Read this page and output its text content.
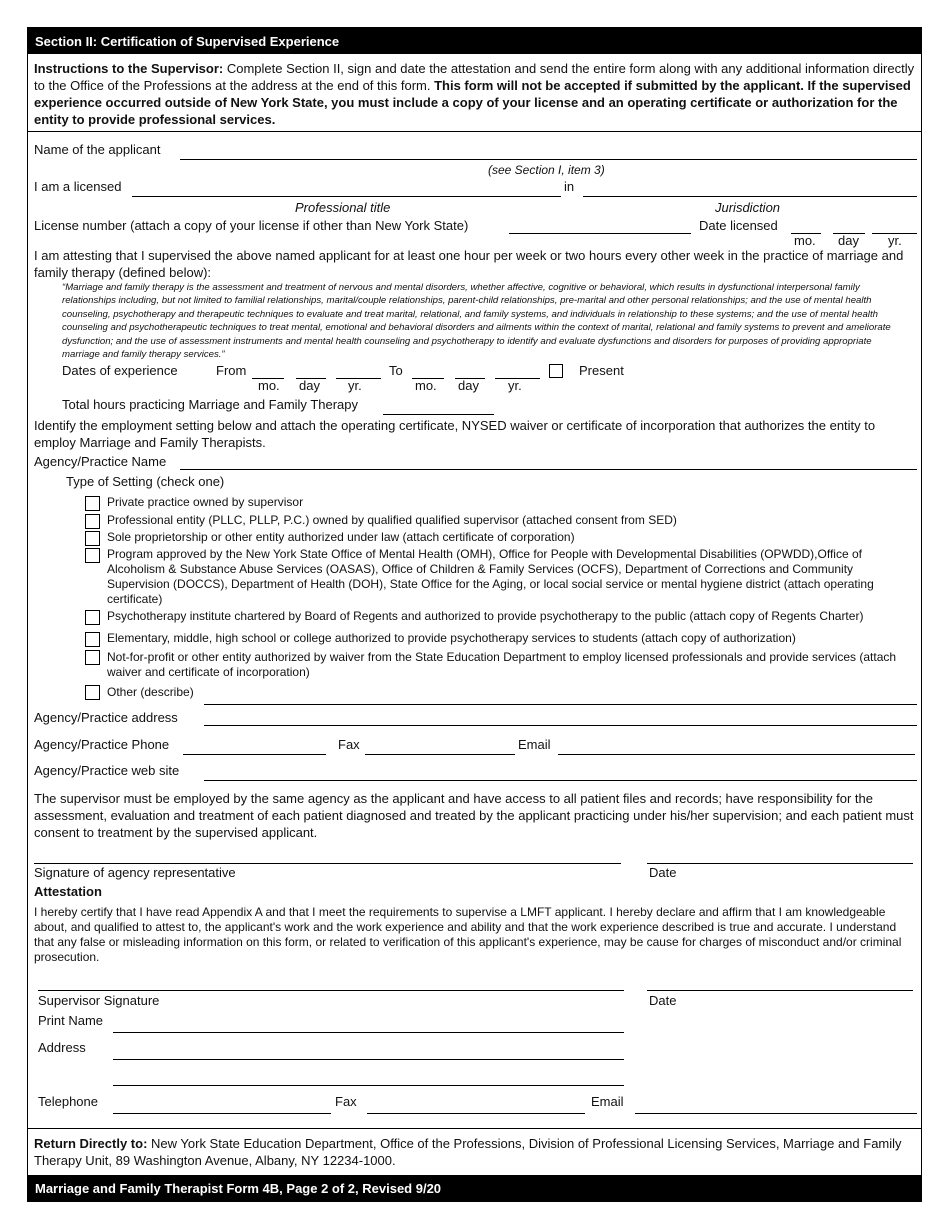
Section II: Certification of Supervised Experience
Instructions to the Supervisor: Complete Section II, sign and date the attestation and send the entire form along with any additional information directly to the Office of the Professions at the address at the end of this form. This form will not be accepted if submitted by the applicant. If the supervised experience occurred outside of New York State, you must include a copy of your license and an operating certificate or authorization for the entity to provide professional services.
Name of the applicant
(see Section I, item 3)
I am a licensed	in
Professional title	Jurisdiction
License number (attach a copy of your license if other than New York State)	Date licensed
mo. day yr.
I am attesting that I supervised the above named applicant for at least one hour per week or two hours every other week in the practice of marriage and family therapy (defined below):
“Marriage and family therapy is the assessment and treatment of nervous and mental disorders, whether affective, cognitive or behavioral, which results in dysfunctional interpersonal family relationships including, but not limited to familial relationships, marital/couple relationships, parent-child relationships, pre-marital and other personal relationships; and the use of mental health counseling, psychotherapy and therapeutic techniques to evaluate and treat marital, relational, and family systems, and individuals in relationship to these systems; and the use of mental health counseling and psychotherapeutic techniques to treat mental, emotional and behavioral disorders and ailments within the context of marital, relational and family systems to prevent and ameliorate dysfunction; and the use of assessment instruments and mental health counseling and psychotherapy to identify and evaluate dysfunctions and disorders for purposes of providing appropriate marriage and family therapy services.”
Dates of experience	From
mo. day yr.
To
mo. day yr.
Present
Total hours practicing Marriage and Family Therapy
Identify the employment setting below and attach the operating certificate, NYSED waiver or certificate of incorporation that authorizes the entity to employ Marriage and Family Therapists.
Agency/Practice Name
Type of Setting (check one)
Private practice owned by supervisor
Professional entity (PLLC, PLLP, P.C.) owned by qualified qualified supervisor (attached consent from SED)
Sole proprietorship or other entity authorized under law (attach certificate of corporation)
Program approved by the New York State Office of Mental Health (OMH), Office for People with Developmental Disabilities (OPWDD),Office of Alcoholism & Substance Abuse Services (OASAS), Office of Children & Family Services (OCFS), Department of Corrections and Community Supervision (DOCCS), Department of Health (DOH), State Office for the Aging, or local social service or mental hygiene district (attach operating certificate)
Psychotherapy institute chartered by Board of Regents and authorized to provide psychotherapy to the public (attach copy of Regents Charter)
Elementary, middle, high school or college authorized to provide psychotherapy services to students (attach copy of authorization)
Not-for-profit or other entity authorized by waiver from the State Education Department to employ licensed professionals and provide services (attach waiver and certificate of incorporation)
Other (describe)
Agency/Practice address
Agency/Practice Phone	Fax	Email
Agency/Practice web site
The supervisor must be employed by the same agency as the applicant and have access to all patient files and records; have responsibility for the assessment, evaluation and treatment of each patient diagnosed and treated by the applicant practicing under his/her supervision; and each patient must consent to treatment by the supervised applicant.
Signature of agency representative	Date
Attestation
I hereby certify that I have read Appendix A and that I meet the requirements to supervise a LMFT applicant. I hereby declare and affirm that I am knowledgeable about, and qualified to attest to, the applicant's work and the work experience and ability and that the work experience described is true and accurate. I understand that any false or misleading information on this form, or related to verification of this applicant's experience, may be cause for charges of misconduct and/or criminal prosecution.
Supervisor Signature	Date
Print Name
Address
Telephone	Fax	Email
Return Directly to: New York State Education Department, Office of the Professions, Division of Professional Licensing Services, Marriage and Family Therapy Unit, 89 Washington Avenue, Albany, NY 12234-1000.
Marriage and Family Therapist Form 4B, Page 2 of 2, Revised 9/20
